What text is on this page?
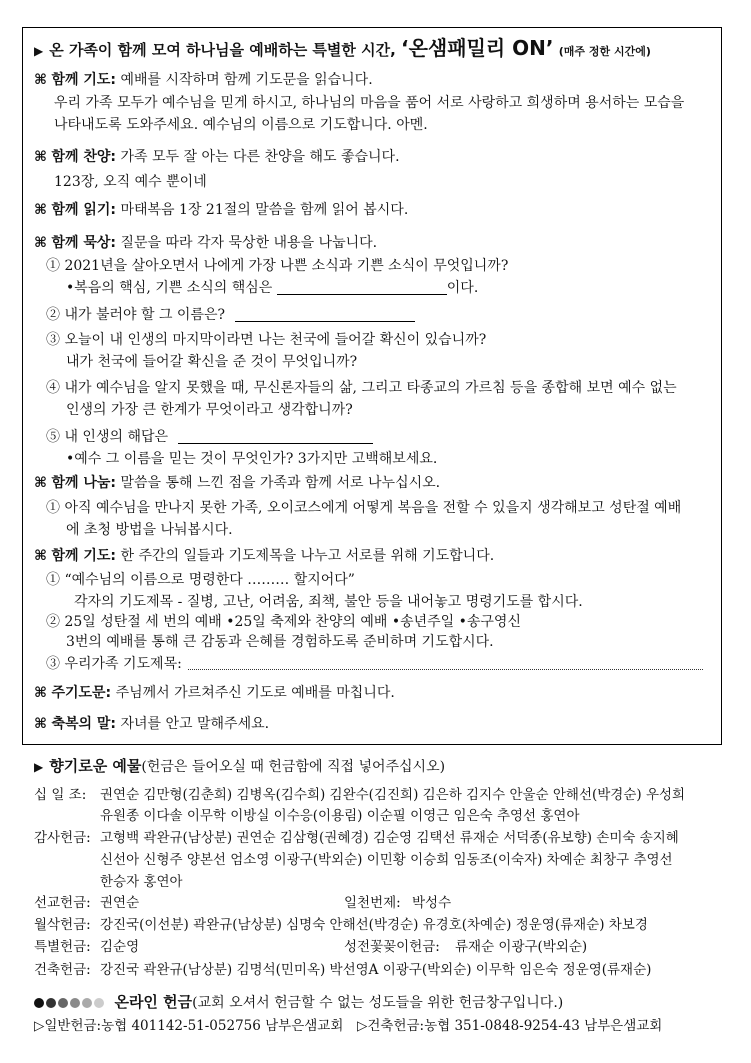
▶ 온 가족이 함께 모여 하나님을 예배하는 특별한 시간, ‘온샘패밀리 ON’ (매주 정한 시간에)
⌘ 함께 기도: 예배를 시작하며 함께 기도문을 읽습니다.
우리 가족 모두가 예수님을 믿게 하시고, 하나님의 마음을 품어 서로 사랑하고 희생하며 용서하는 모습을
나타내도록 도와주세요. 예수님의 이름으로 기도합니다. 아멘.
⌘ 함께 찬양: 가족 모두 잘 아는 다른 찬양을 해도 좋습니다.
123장, 오직 예수 뿐이네
⌘ 함께 읽기: 마태복음 1장 21절의 말씀을 함께 읽어 봅시다.
⌘ 함께 묵상: 질문을 따라 각자 묵상한 내용을 나눕니다.
① 2021년을 살아오면서 나에게 가장 나쁜 소식과 기쁜 소식이 무엇입니까?
•복음의 핵심, 기쁜 소식의 핵심은	이다.
② 내가 불러야 할 그 이름은?
③ 오늘이 내 인생의 마지막이라면 나는 천국에 들어갈 확신이 있습니까?
내가 천국에 들어갈 확신을 준 것이 무엇입니까?
④ 내가 예수님을 알지 못했을 때, 무신론자들의 삶, 그리고 타종교의 가르침 등을 종합해 보면 예수 없는
인생의 가장 큰 한계가 무엇이라고 생각합니까?
⑤ 내 인생의 해답은
•예수 그 이름을 믿는 것이 무엇인가? 3가지만 고백해보세요.
⌘ 함께 나눔: 말씀을 통해 느낀 점을 가족과 함께 서로 나누십시오.
① 아직 예수님을 만나지 못한 가족, 오이코스에게 어떻게 복음을 전할 수 있을지 생각해보고 성탄절 예배
에 초청 방법을 나눠봅시다.
⌘ 함께 기도: 한 주간의 일들과 기도제목을 나누고 서로를 위해 기도합니다.
① “예수님의 이름으로 명령한다 ……… 할지어다”
각자의 기도제목 - 질병, 고난, 어려움, 죄책, 불안 등을 내어놓고 명령기도를 합시다.
② 25일 성탄절 세 번의 예배 •25일 축제와 찬양의 예배 •송년주일 •송구영신
3번의 예배를 통해 큰 감동과 은혜를 경험하도록 준비하며 기도합시다.
③ 우리가족 기도제목:
⌘ 주기도문: 주님께서 가르쳐주신 기도로 예배를 마칩니다.
⌘ 축복의 말: 자녀를 안고 말해주세요.
▶ 향기로운 예물(헌금은 들어오실 때 헌금함에 직접 넣어주십시오)
십 일 조: 권연순 김만형(김춘희) 김병옥(김수희) 김완수(김진희) 김은하 김지수 안울순 안해선(박경순) 우성희
유원종 이다솔 이무학 이방실 이수응(이용림) 이순필 이영근 임은숙 추영선 홍연아
감사헌금: 고형백 곽완규(남상분) 권연순 김삼형(권혜경) 김순영 김택선 류재순 서덕종(유보향) 손미숙 송지혜
신선아 신형주 양본선 엄소영 이광구(박외순) 이민황 이승희 임동조(이숙자) 차예순 최창구 추영선
한승자 홍연아
선교헌금: 권연순	일천번제: 박성수
월삭헌금: 강진국(이선분) 곽완규(남상분) 심명숙 안해선(박경순) 유경호(차예순) 정운영(류재순) 차보경
특별헌금: 김순영	성전꽃꽂이헌금: 류재순 이광구(박외순)
건축헌금: 강진국 곽완규(남상분) 김명석(민미옥) 박선영A 이광구(박외순) 이무학 임은숙 정운영(류재순)
온라인 헌금(교회 오셔서 헌금할 수 없는 성도들을 위한 헌금창구입니다.)
▷일반헌금:농협 401142-51-052756 남부은샘교회 ▷건축헌금:농협 351-0848-9254-43 남부은샘교회
